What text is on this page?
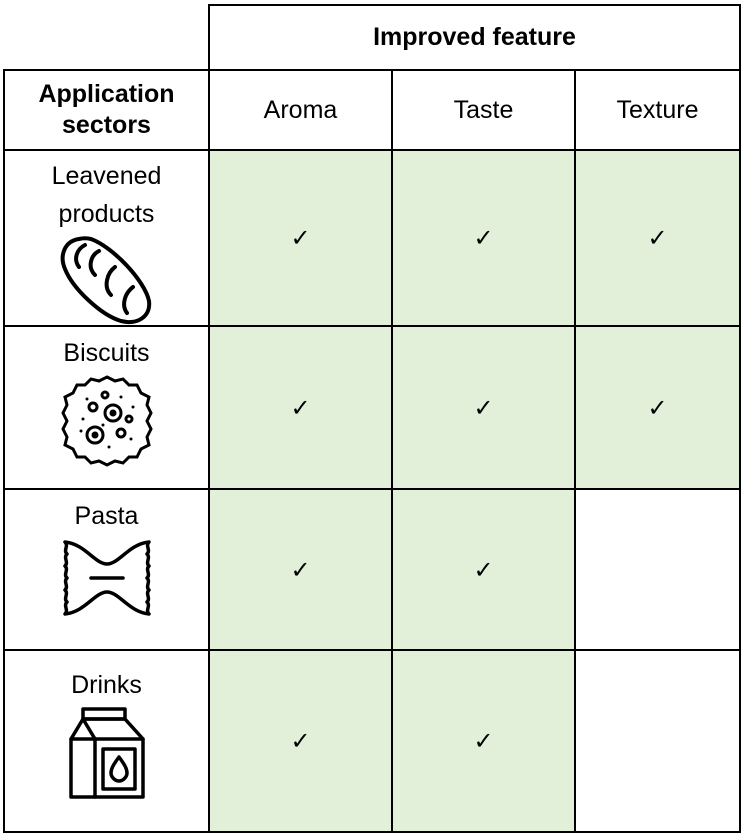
	Improved feature		
Application sectors	Aroma	Taste	Texture

Leavened products	✓	✓	✓

Biscuits	✓	✓	✓

Pasta	✓	✓	

Drinks	✓	✓	
